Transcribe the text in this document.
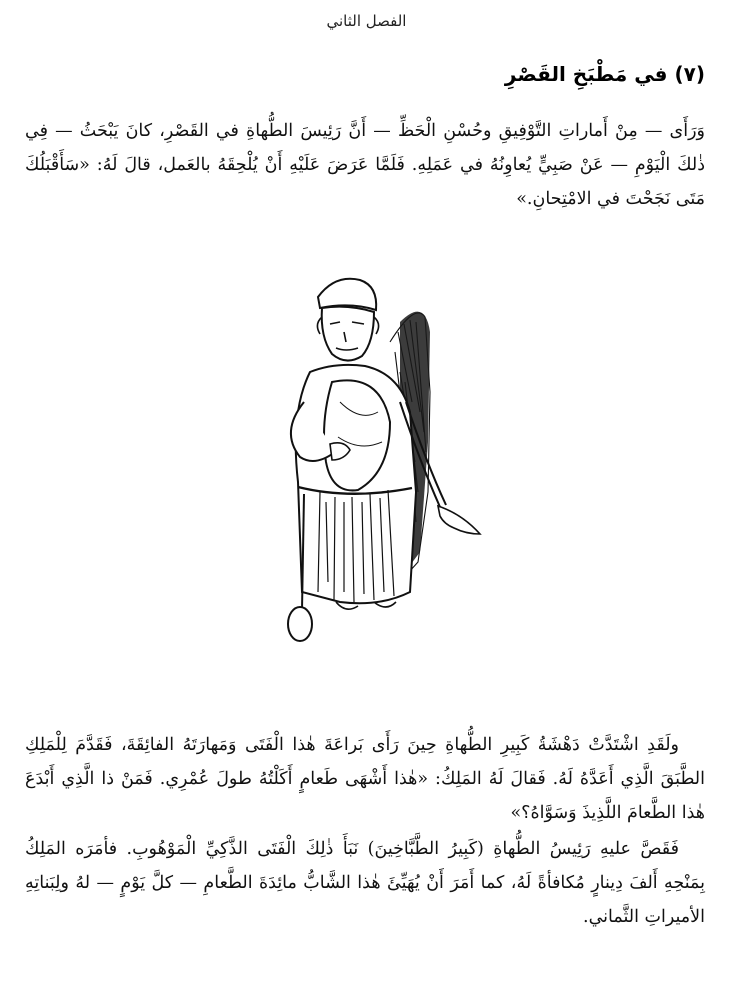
الفصل الثاني
(٧) في مَطْبَخِ القَصْرِ

وَرَأَى — مِنْ أَماراتِ التَّوْفِيقِ وحُسْنِ الْحَظِّ — أَنَّ رَئِيسَ الطُّهاةِ في القَصْرِ، كانَ يَبْحَثُ — فِي ذٰلكَ الْيَوْمِ — عَنْ صَبِيٍّ يُعاوِنُهُ في عَمَلِهِ. فَلَمَّا عَرَضَ عَلَيْهِ أَنْ يُلْحِقَهُ بالعَمل، قالَ لَهُ: «سَأَقْبَلُكَ مَتَى نَجَحْتَ في الامْتِحانِ.»

ولَقَدِ اشْتَدَّتْ دَهْشَةُ كَبِيرِ الطُّهاةِ حِينَ رَأَى بَراعَةَ هٰذا الْفَتَى وَمَهارَتَهُ الفائِقَةَ، فَقَدَّمَ لِلْمَلِكِ الطَّبَقَ الَّذِي أَعَدَّهُ لَهُ. فَقالَ لَهُ المَلِكُ: «هٰذا أَشْهَى طَعامٍ أَكَلْتُهُ طولَ عُمْرِي. فَمَنْ ذا الَّذِي أَبْدَعَ هٰذا الطَّعامَ اللَّذِيذَ وَسَوَّاهُ؟»

فَقَصَّ عليهِ رَئِيسُ الطُّهاةِ (كَبِيرُ الطَّبَّاخِينَ) نَبَأَ ذٰلِكَ الْفَتَى الذَّكِيِّ الْمَوْهُوبِ. فأمَرَه المَلِكُ بِمَنْحِهِ أَلفَ دِينارٍ مُكافأةً لَهُ، كما أَمَرَ أَنْ يُهَيِّئَ هٰذا الشَّابُّ مائِدَةَ الطَّعامِ — كلَّ يَوْمٍ — لهُ ولِبَناتِهِ الأميراتِ الثَّماني.
